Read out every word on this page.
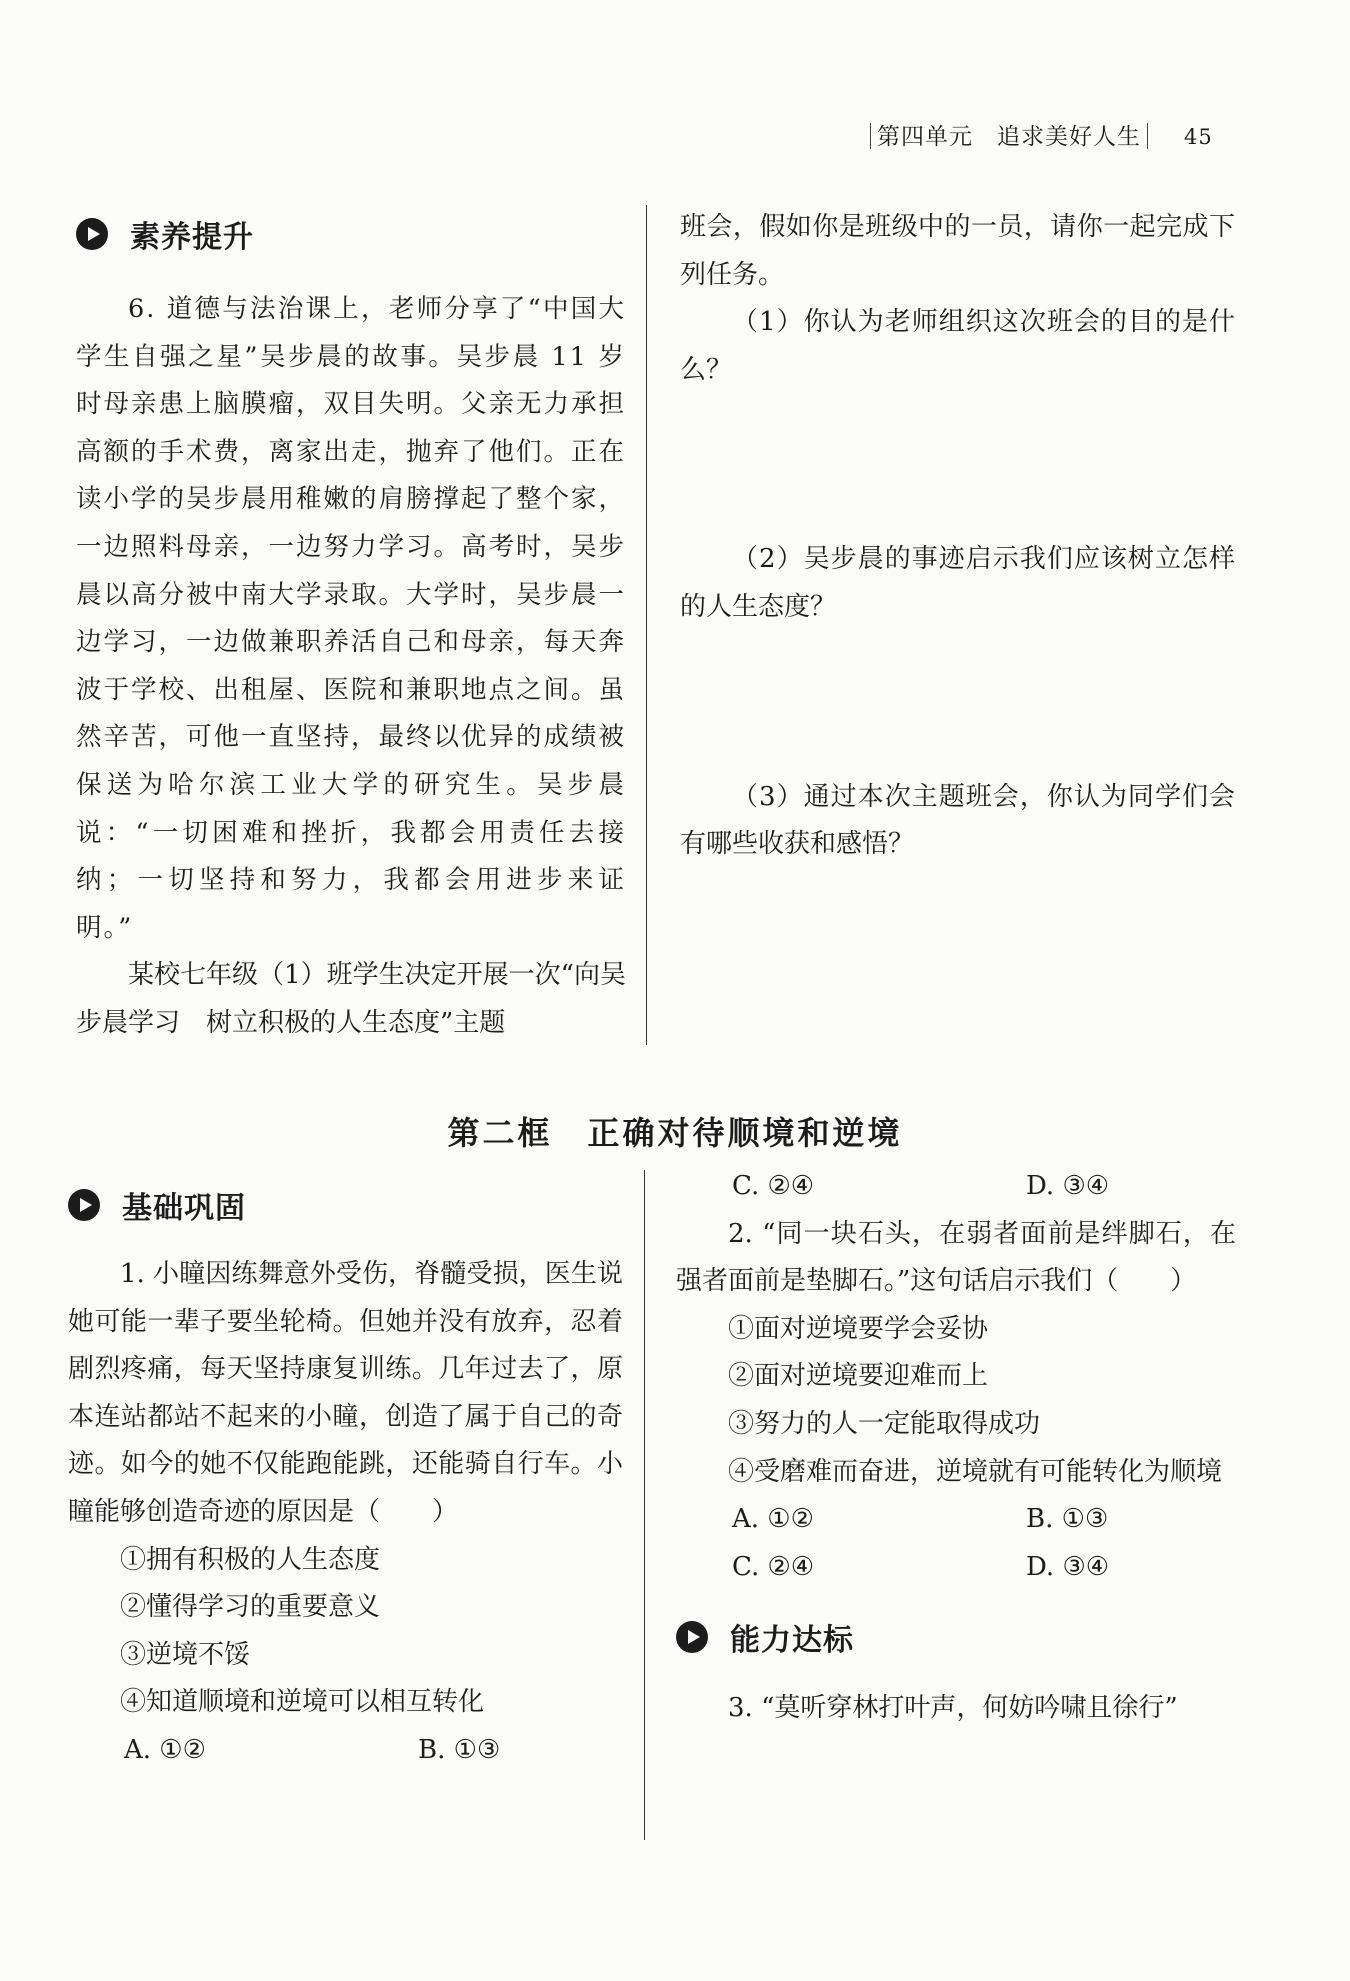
第四单元　追求美好人生 45
素养提升

6. 道德与法治课上，老师分享了“中国大学生自强之星”吴步晨的故事。吴步晨 11 岁时母亲患上脑膜瘤，双目失明。父亲无力承担高额的手术费，离家出走，抛弃了他们。正在读小学的吴步晨用稚嫩的肩膀撑起了整个家，一边照料母亲，一边努力学习。高考时，吴步晨以高分被中南大学录取。大学时，吴步晨一边学习，一边做兼职养活自己和母亲，每天奔波于学校、出租屋、医院和兼职地点之间。虽然辛苦，可他一直坚持，最终以优异的成绩被保送为哈尔滨工业大学的研究生。吴步晨说：“一切困难和挫折，我都会用责任去接纳；一切坚持和努力，我都会用进步来证明。”

某校七年级（1）班学生决定开展一次“向吴步晨学习　树立积极的人生态度”主题

班会，假如你是班级中的一员，请你一起完成下列任务。

（1）你认为老师组织这次班会的目的是什么？

（2）吴步晨的事迹启示我们应该树立怎样的人生态度？

（3）通过本次主题班会，你认为同学们会有哪些收获和感悟？

第二框　正确对待顺境和逆境
基础巩固

1. 小瞳因练舞意外受伤，脊髓受损，医生说她可能一辈子要坐轮椅。但她并没有放弃，忍着剧烈疼痛，每天坚持康复训练。几年过去了，原本连站都站不起来的小瞳，创造了属于自己的奇迹。如今的她不仅能跑能跳，还能骑自行车。小瞳能够创造奇迹的原因是（　　）

①拥有积极的人生态度

②懂得学习的重要意义

③逆境不馁

④知道顺境和逆境可以相互转化

A. ①②	B. ①③
C. ②④	D. ③④

2. “同一块石头，在弱者面前是绊脚石，在强者面前是垫脚石。”这句话启示我们（　　）

①面对逆境要学会妥协

②面对逆境要迎难而上

③努力的人一定能取得成功

④受磨难而奋进，逆境就有可能转化为顺境

A. ①②	B. ①③
C. ②④	D. ③④
能力达标

3. “莫听穿林打叶声，何妨吟啸且徐行”
